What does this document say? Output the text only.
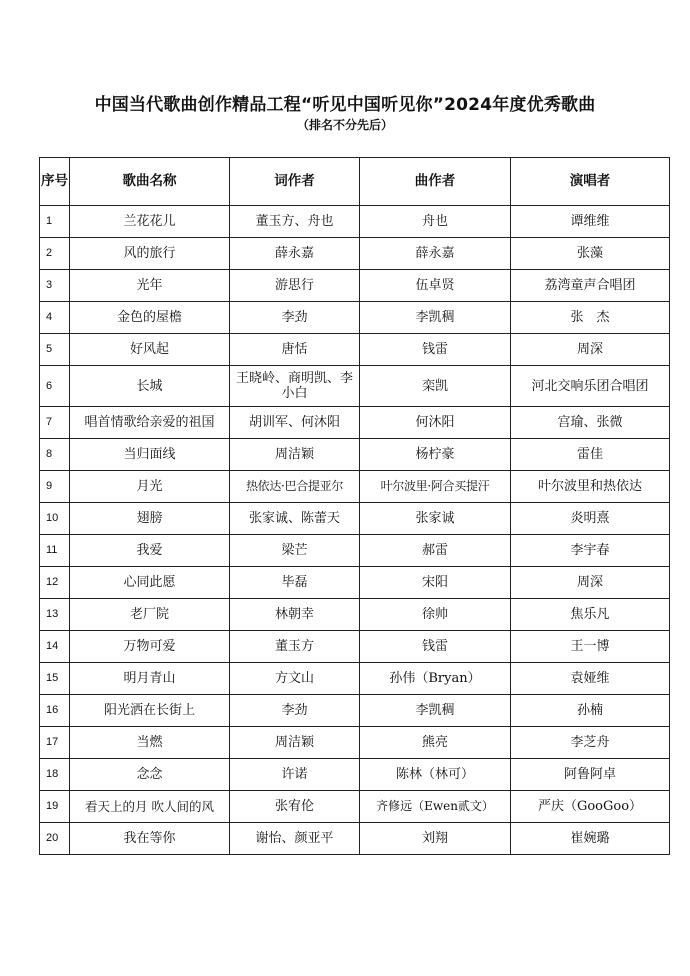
中国当代歌曲创作精品工程“听见中国听见你”2024年度优秀歌曲
（排名不分先后）
序号	歌曲名称	词作者	曲作者	演唱者
1	兰花花儿	董玉方、舟也	舟也	谭维维
2	风的旅行	薛永嘉	薛永嘉	张藻
3	光年	游思行	伍卓贤	荔湾童声合唱团
4	金色的屋檐	李劲	李凯稠	张　杰
5	好风起	唐恬	钱雷	周深
6	长城	王晓岭、商明凯、李小白	栾凯	河北交响乐团合唱团
7	唱首情歌给亲爱的祖国	胡训军、何沐阳	何沐阳	宫瑜、张微
8	当归面线	周洁颖	杨柠豪	雷佳
9	月光	热依达·巴合提亚尔	叶尔波里·阿合买提汗	叶尔波里和热依达
10	翅膀	张家诚、陈蕾天	张家诚	炎明熹
11	我爱	梁芒	郝雷	李宇春
12	心同此愿	毕磊	宋阳	周深
13	老厂院	林朝幸	徐帅	焦乐凡
14	万物可爱	董玉方	钱雷	王一博
15	明月青山	方文山	孙伟（Bryan）	袁娅维
16	阳光洒在长街上	李劲	李凯稠	孙楠
17	当燃	周洁颖	熊亮	李芝舟
18	念念	许诺	陈林（林可）	阿鲁阿卓
19	看天上的月 吹人间的风	张宥伦	齐修远（Ewen贰文）	严庆（GooGoo）
20	我在等你	谢怡、颜亚平	刘翔	崔婉璐
